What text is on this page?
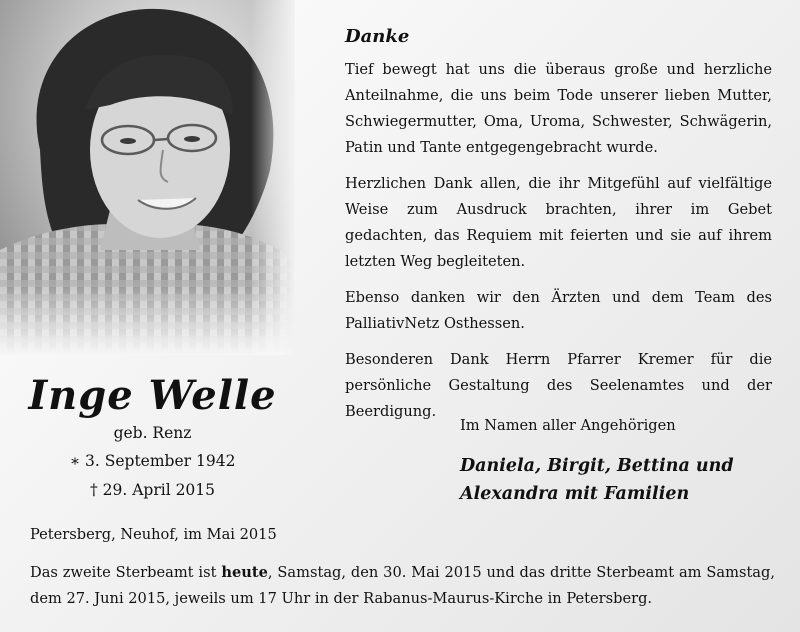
Inge Welle
geb. Renz
∗ 3. September 1942
† 29. April 2015
Danke

Tief bewegt hat uns die überaus große und herzliche Anteilnahme, die uns beim Tode unserer lieben Mutter, Schwiegermutter, Oma, Uroma, Schwester, Schwägerin, Patin und Tante entgegengebracht wurde.

Herzlichen Dank allen, die ihr Mitgefühl auf vielfältige Weise zum Ausdruck brachten, ihrer im Gebet gedachten, das Requiem mit feierten und sie auf ihrem letzten Weg begleiteten.

Ebenso danken wir den Ärzten und dem Team des PalliativNetz Osthessen.

Besonderen Dank Herrn Pfarrer Kremer für die persönliche Gestaltung des Seelenamtes und der Beerdigung.

Im Namen aller Angehörigen
Daniela, Birgit, Bettina und
Alexandra mit Familien
Petersberg, Neuhof, im Mai 2015
Das zweite Sterbeamt ist heute, Samstag, den 30. Mai 2015 und das dritte Sterbeamt am Samstag, dem 27. Juni 2015, jeweils um 17 Uhr in der Rabanus-Maurus-Kirche in Petersberg.
